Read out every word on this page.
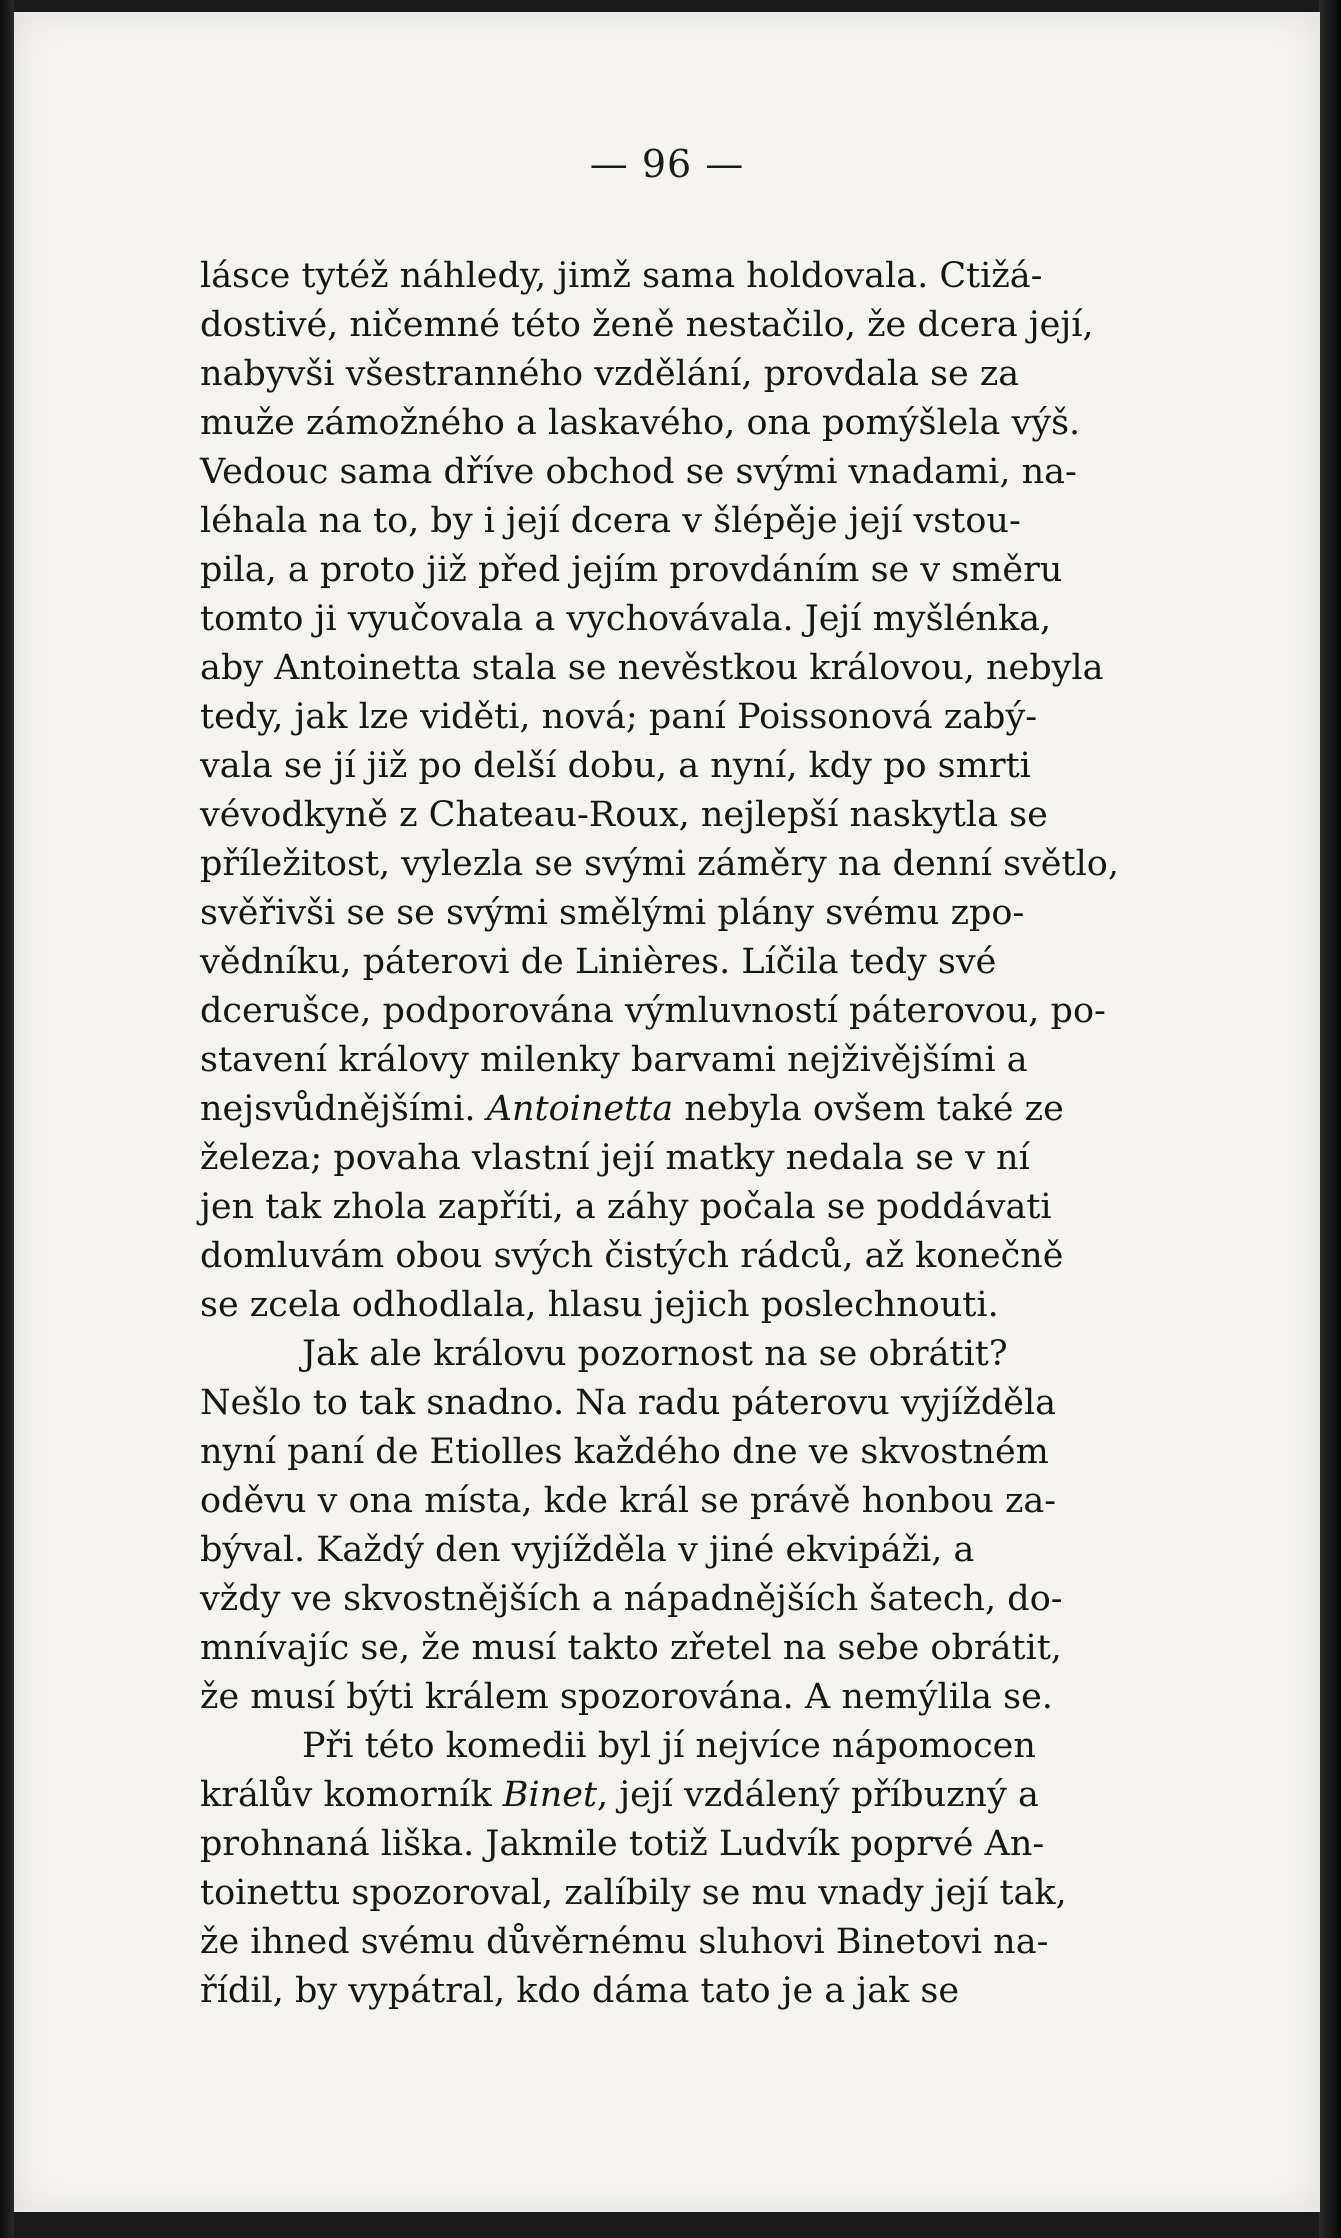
— 96 —
lásce tytéž náhledy, jimž sama holdovala. Ctižá-
dostivé, ničemné této ženě nestačilo, že dcera její,
nabyvši všestranného vzdělání, provdala se za
muže zámožného a laskavého, ona pomýšlela výš.
Vedouc sama dříve obchod se svými vnadami, na-
léhala na to, by i její dcera v šlépěje její vstou-
pila, a proto již před jejím provdáním se v směru
tomto ji vyučovala a vychovávala. Její myšlénka,
aby Antoinetta stala se nevěstkou královou, nebyla
tedy, jak lze viděti, nová; paní Poissonová zabý-
vala se jí již po delší dobu, a nyní, kdy po smrti
vévodkyně z Chateau-Roux, nejlepší naskytla se
příležitost, vylezla se svými záměry na denní světlo,
svěřivši se se svými smělými plány svému zpo-
vědníku, páterovi de Linières. Líčila tedy své
dcerušce, podporována výmluvností páterovou, po-
stavení královy milenky barvami nejživějšími a
nejsvůdnějšími. Antoinetta nebyla ovšem také ze
železa; povaha vlastní její matky nedala se v ní
jen tak zhola zapříti, a záhy počala se poddávati
domluvám obou svých čistých rádců, až konečně
se zcela odhodlala, hlasu jejich poslechnouti.
Jak ale královu pozornost na se obrátit?
Nešlo to tak snadno. Na radu páterovu vyjížděla
nyní paní de Etiolles každého dne ve skvostném
oděvu v ona místa, kde král se právě honbou za-
býval. Každý den vyjížděla v jiné ekvipáži, a
vždy ve skvostnějších a nápadnějších šatech, do-
mnívajíc se, že musí takto zřetel na sebe obrátit,
že musí býti králem spozorována. A nemýlila se.
Při této komedii byl jí nejvíce nápomocen
králův komorník Binet, její vzdálený příbuzný a
prohnaná liška. Jakmile totiž Ludvík poprvé An-
toinettu spozoroval, zalíbily se mu vnady její tak,
že ihned svému důvěrnému sluhovi Binetovi na-
řídil, by vypátral, kdo dáma tato je a jak se
